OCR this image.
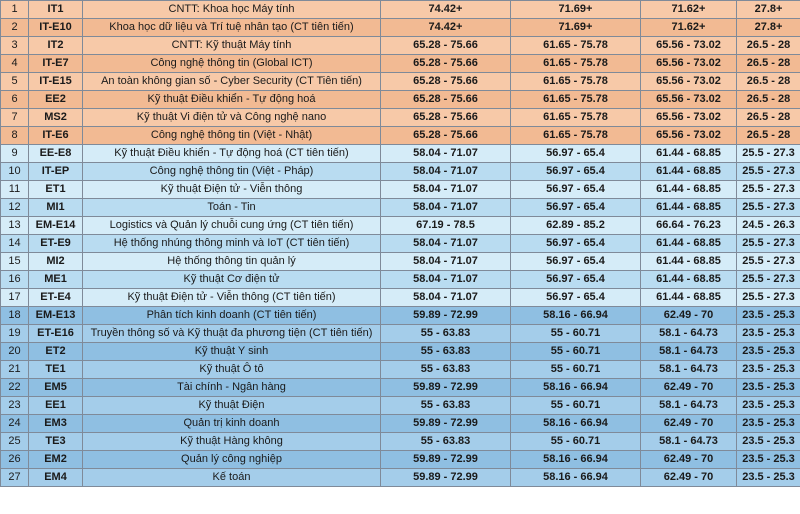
1	IT1	CNTT: Khoa học Máy tính	74.42+	71.69+	71.62+	27.8+
2	IT-E10	Khoa học dữ liệu và Trí tuệ nhân tạo (CT tiên tiến)	74.42+	71.69+	71.62+	27.8+
3	IT2	CNTT: Kỹ thuật Máy tính	65.28 - 75.66	61.65 - 75.78	65.56 - 73.02	26.5 - 28
4	IT-E7	Công nghệ thông tin (Global ICT)	65.28 - 75.66	61.65 - 75.78	65.56 - 73.02	26.5 - 28
5	IT-E15	An toàn không gian số - Cyber Security (CT Tiên tiến)	65.28 - 75.66	61.65 - 75.78	65.56 - 73.02	26.5 - 28
6	EE2	Kỹ thuật Điều khiển - Tự động hoá	65.28 - 75.66	61.65 - 75.78	65.56 - 73.02	26.5 - 28
7	MS2	Kỹ thuật Vi điện tử và Công nghệ nano	65.28 - 75.66	61.65 - 75.78	65.56 - 73.02	26.5 - 28
8	IT-E6	Công nghệ thông tin (Việt - Nhật)	65.28 - 75.66	61.65 - 75.78	65.56 - 73.02	26.5 - 28
9	EE-E8	Kỹ thuật Điều khiển - Tự động hoá (CT tiên tiến)	58.04 - 71.07	56.97 - 65.4	61.44 - 68.85	25.5 - 27.3
10	IT-EP	Công nghệ thông tin (Việt - Pháp)	58.04 - 71.07	56.97 - 65.4	61.44 - 68.85	25.5 - 27.3
11	ET1	Kỹ thuật Điện tử - Viễn thông	58.04 - 71.07	56.97 - 65.4	61.44 - 68.85	25.5 - 27.3
12	MI1	Toán - Tin	58.04 - 71.07	56.97 - 65.4	61.44 - 68.85	25.5 - 27.3
13	EM-E14	Logistics và Quản lý chuỗi cung ứng (CT tiên tiến)	67.19 - 78.5	62.89 - 85.2	66.64 - 76.23	24.5 - 26.3
14	ET-E9	Hệ thống nhúng thông minh và IoT (CT tiên tiến)	58.04 - 71.07	56.97 - 65.4	61.44 - 68.85	25.5 - 27.3
15	MI2	Hệ thống thông tin quản lý	58.04 - 71.07	56.97 - 65.4	61.44 - 68.85	25.5 - 27.3
16	ME1	Kỹ thuật Cơ điện tử	58.04 - 71.07	56.97 - 65.4	61.44 - 68.85	25.5 - 27.3
17	ET-E4	Kỹ thuật Điện tử - Viễn thông (CT tiên tiến)	58.04 - 71.07	56.97 - 65.4	61.44 - 68.85	25.5 - 27.3
18	EM-E13	Phân tích kinh doanh (CT tiên tiến)	59.89 - 72.99	58.16 - 66.94	62.49 - 70	23.5 - 25.3
19	ET-E16	Truyền thông số và Kỹ thuật đa phương tiện (CT tiên tiến)	55 - 63.83	55 - 60.71	58.1 - 64.73	23.5 - 25.3
20	ET2	Kỹ thuật Y sinh	55 - 63.83	55 - 60.71	58.1 - 64.73	23.5 - 25.3
21	TE1	Kỹ thuật Ô tô	55 - 63.83	55 - 60.71	58.1 - 64.73	23.5 - 25.3
22	EM5	Tài chính - Ngân hàng	59.89 - 72.99	58.16 - 66.94	62.49 - 70	23.5 - 25.3
23	EE1	Kỹ thuật Điện	55 - 63.83	55 - 60.71	58.1 - 64.73	23.5 - 25.3
24	EM3	Quản trị kinh doanh	59.89 - 72.99	58.16 - 66.94	62.49 - 70	23.5 - 25.3
25	TE3	Kỹ thuật Hàng không	55 - 63.83	55 - 60.71	58.1 - 64.73	23.5 - 25.3
26	EM2	Quản lý công nghiệp	59.89 - 72.99	58.16 - 66.94	62.49 - 70	23.5 - 25.3
27	EM4	Kế toán	59.89 - 72.99	58.16 - 66.94	62.49 - 70	23.5 - 25.3
